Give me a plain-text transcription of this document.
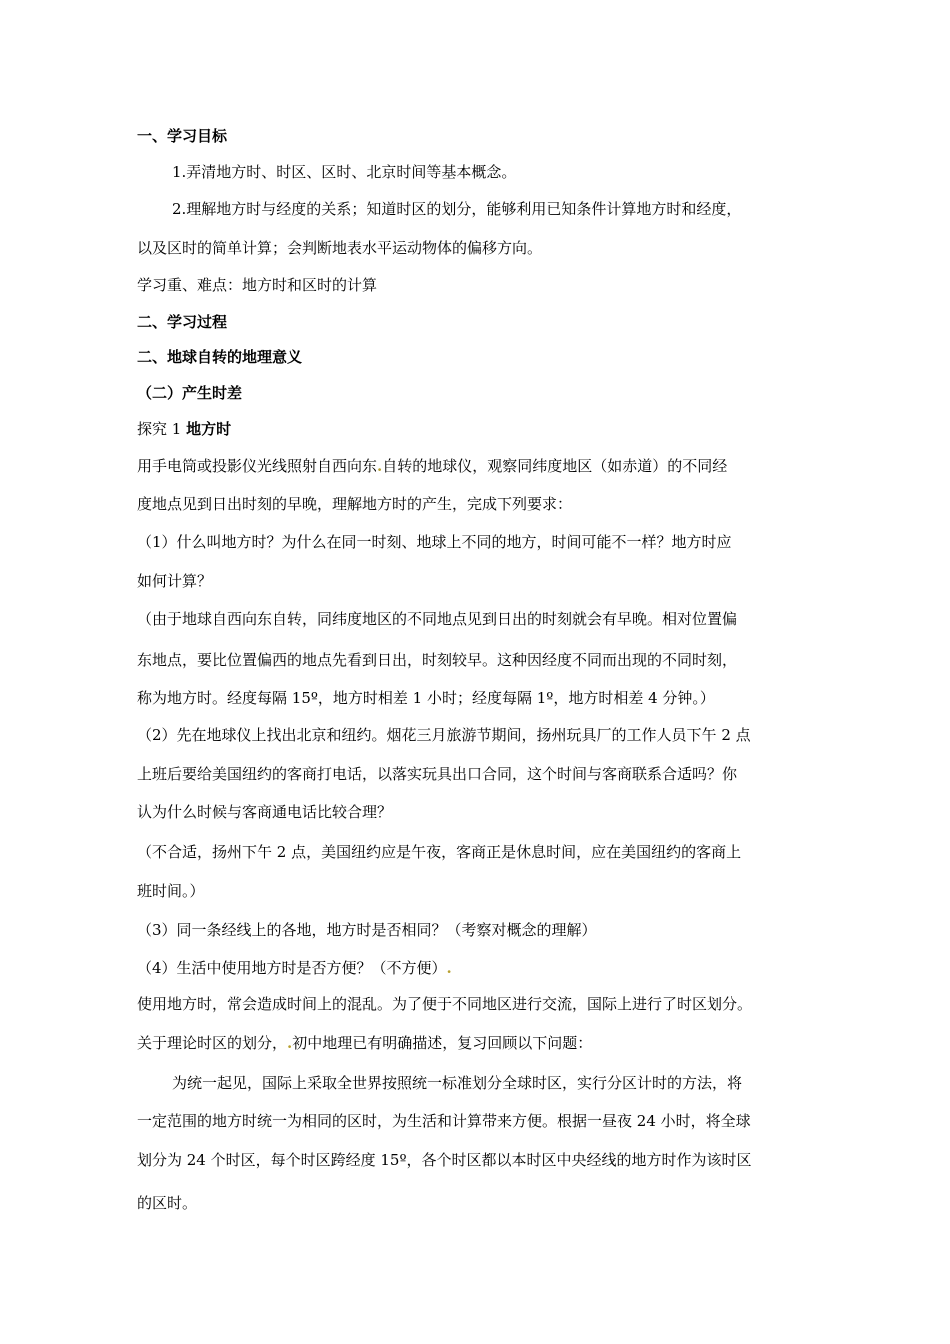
一、学习目标
1.弄清地方时、时区、区时、北京时间等基本概念。
2.理解地方时与经度的关系；知道时区的划分，能够利用已知条件计算地方时和经度，
以及区时的简单计算；会判断地表水平运动物体的偏移方向。
学习重、难点：地方时和区时的计算
二、学习过程
二、地球自转的地理意义
（二）产生时差
探究 1 地方时
用手电筒或投影仪光线照射自西向东.自转的地球仪，观察同纬度地区（如赤道）的不同经
度地点见到日出时刻的早晚，理解地方时的产生，完成下列要求：
（1）什么叫地方时？为什么在同一时刻、地球上不同的地方，时间可能不一样？地方时应
如何计算？
（由于地球自西向东自转，同纬度地区的不同地点见到日出的时刻就会有早晚。相对位置偏
东地点，要比位置偏西的地点先看到日出，时刻较早。这种因经度不同而出现的不同时刻，
称为地方时。经度每隔 15º，地方时相差 1 小时；经度每隔 1º，地方时相差 4 分钟。）
（2）先在地球仪上找出北京和纽约。烟花三月旅游节期间，扬州玩具厂的工作人员下午 2 点
上班后要给美国纽约的客商打电话，以落实玩具出口合同，这个时间与客商联系合适吗？你
认为什么时候与客商通电话比较合理？
（不合适，扬州下午 2 点，美国纽约应是午夜，客商正是休息时间，应在美国纽约的客商上
班时间。）
（3）同一条经线上的各地，地方时是否相同？（考察对概念的理解）
（4）生活中使用地方时是否方便？（不方便）.
使用地方时，常会造成时间上的混乱。为了便于不同地区进行交流，国际上进行了时区划分。
关于理论时区的划分，.初中地理已有明确描述，复习回顾以下问题：
为统一起见，国际上采取全世界按照统一标准划分全球时区，实行分区计时的方法，将
一定范围的地方时统一为相同的区时，为生活和计算带来方便。根据一昼夜 24 小时，将全球
划分为 24 个时区，每个时区跨经度 15º，各个时区都以本时区中央经线的地方时作为该时区
的区时。
